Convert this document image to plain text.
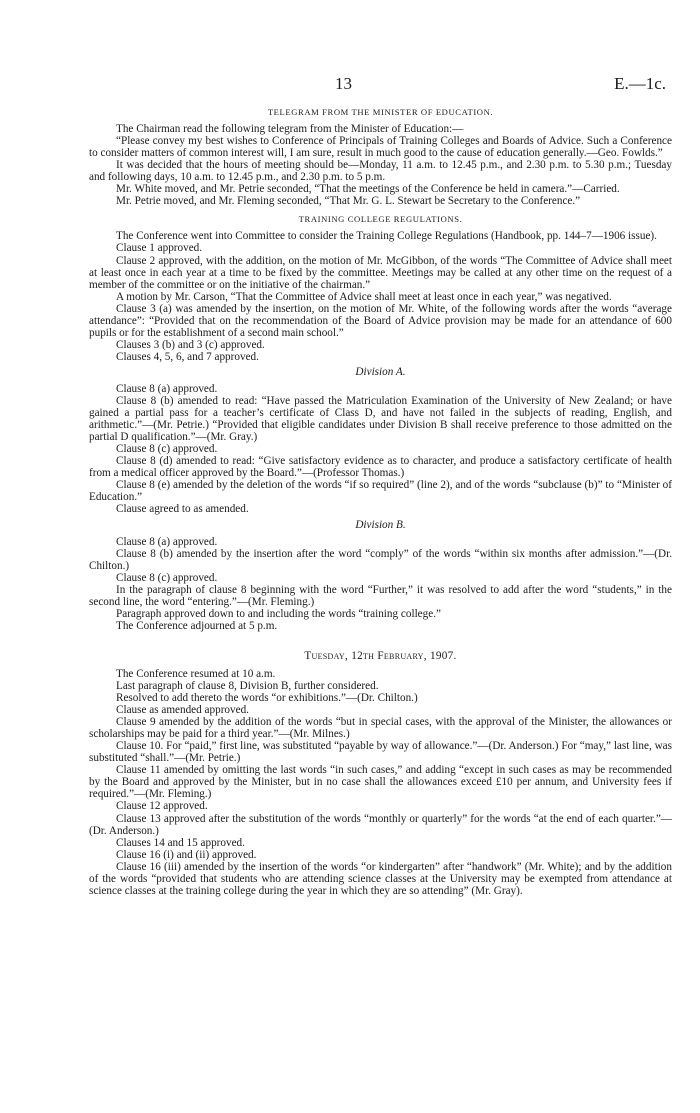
13	E.—1c.

TELEGRAM FROM THE MINISTER OF EDUCATION.

The Chairman read the following telegram from the Minister of Education:—

“Please convey my best wishes to Conference of Principals of Training Colleges and Boards of Advice. Such a Conference to consider matters of common interest will, I am sure, result in much good to the cause of education generally.—Geo. Fowlds.”

It was decided that the hours of meeting should be—Monday, 11 a.m. to 12.45 p.m., and 2.30 p.m. to 5.30 p.m.; Tuesday and following days, 10 a.m. to 12.45 p.m., and 2.30 p.m. to 5 p.m.

Mr. White moved, and Mr. Petrie seconded, “That the meetings of the Conference be held in camera.”—Carried.

Mr. Petrie moved, and Mr. Fleming seconded, “That Mr. G. L. Stewart be Secretary to the Conference.”

TRAINING COLLEGE REGULATIONS.

The Conference went into Committee to consider the Training College Regulations (Handbook, pp. 144–7—1906 issue).

Clause 1 approved.

Clause 2 approved, with the addition, on the motion of Mr. McGibbon, of the words “The Committee of Advice shall meet at least once in each year at a time to be fixed by the committee. Meetings may be called at any other time on the request of a member of the committee or on the initiative of the chairman.”

A motion by Mr. Carson, “That the Committee of Advice shall meet at least once in each year,” was negatived.

Clause 3 (a) was amended by the insertion, on the motion of Mr. White, of the following words after the words “average attendance”: “Provided that on the recommendation of the Board of Advice provision may be made for an attendance of 600 pupils or for the establishment of a second main school.”

Clauses 3 (b) and 3 (c) approved.

Clauses 4, 5, 6, and 7 approved.

Division A.

Clause 8 (a) approved.

Clause 8 (b) amended to read: “Have passed the Matriculation Examination of the University of New Zealand; or have gained a partial pass for a teacher’s certificate of Class D, and have not failed in the subjects of reading, English, and arithmetic.”—(Mr. Petrie.) “Provided that eligible candidates under Division B shall receive preference to those admitted on the partial D qualification.”—(Mr. Gray.)

Clause 8 (c) approved.

Clause 8 (d) amended to read: “Give satisfactory evidence as to character, and produce a satisfactory certificate of health from a medical officer approved by the Board.”—(Professor Thomas.)

Clause 8 (e) amended by the deletion of the words “if so required” (line 2), and of the words “subclause (b)” to “Minister of Education.”

Clause agreed to as amended.

Division B.

Clause 8 (a) approved.

Clause 8 (b) amended by the insertion after the word “comply” of the words “within six months after admission.”—(Dr. Chilton.)

Clause 8 (c) approved.

In the paragraph of clause 8 beginning with the word “Further,” it was resolved to add after the word “students,” in the second line, the word “entering.”—(Mr. Fleming.)

Paragraph approved down to and including the words “training college.”

The Conference adjourned at 5 p.m.

Tuesday, 12th February, 1907.

The Conference resumed at 10 a.m.

Last paragraph of clause 8, Division B, further considered.

Resolved to add thereto the words “or exhibitions.”—(Dr. Chilton.)

Clause as amended approved.

Clause 9 amended by the addition of the words “but in special cases, with the approval of the Minister, the allowances or scholarships may be paid for a third year.”—(Mr. Milnes.)

Clause 10. For “paid,” first line, was substituted “payable by way of allowance.”—(Dr. Anderson.) For “may,” last line, was substituted “shall.”—(Mr. Petrie.)

Clause 11 amended by omitting the last words “in such cases,” and adding “except in such cases as may be recommended by the Board and approved by the Minister, but in no case shall the allowances exceed £10 per annum, and University fees if required.”—(Mr. Fleming.)

Clause 12 approved.

Clause 13 approved after the substitution of the words “monthly or quarterly” for the words “at the end of each quarter.”—(Dr. Anderson.)

Clauses 14 and 15 approved.

Clause 16 (i) and (ii) approved.

Clause 16 (iii) amended by the insertion of the words “or kindergarten” after “handwork” (Mr. White); and by the addition of the words “provided that students who are attending science classes at the University may be exempted from attendance at science classes at the training college during the year in which they are so attending” (Mr. Gray).
